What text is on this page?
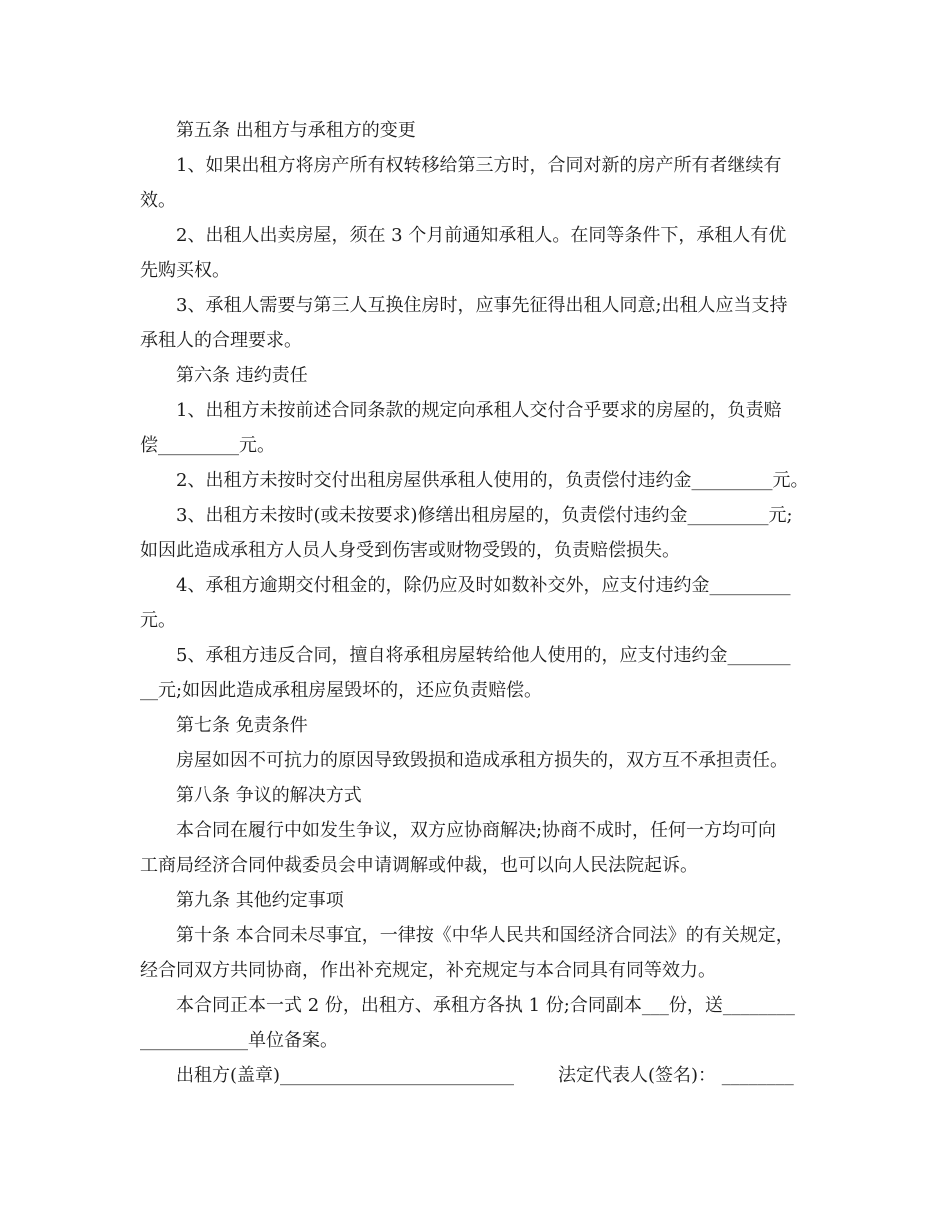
第五条 出租方与承租方的变更
1、如果出租方将房产所有权转移给第三方时，合同对新的房产所有者继续有
效。
2、出租人出卖房屋，须在 3 个月前通知承租人。在同等条件下，承租人有优
先购买权。
3、承租人需要与第三人互换住房时，应事先征得出租人同意;出租人应当支持
承租人的合理要求。
第六条 违约责任
1、出租方未按前述合同条款的规定向承租人交付合乎要求的房屋的，负责赔
偿_________元。
2、出租方未按时交付出租房屋供承租人使用的，负责偿付违约金_________元。
3、出租方未按时(或未按要求)修缮出租房屋的，负责偿付违约金_________元;
如因此造成承租方人员人身受到伤害或财物受毁的，负责赔偿损失。
4、承租方逾期交付租金的，除仍应及时如数补交外，应支付违约金_________
元。
5、承租方违反合同，擅自将承租房屋转给他人使用的，应支付违约金_______
__元;如因此造成承租房屋毁坏的，还应负责赔偿。
第七条 免责条件
房屋如因不可抗力的原因导致毁损和造成承租方损失的，双方互不承担责任。
第八条 争议的解决方式
本合同在履行中如发生争议，双方应协商解决;协商不成时，任何一方均可向
工商局经济合同仲裁委员会申请调解或仲裁，也可以向人民法院起诉。
第九条 其他约定事项
第十条 本合同未尽事宜，一律按《中华人民共和国经济合同法》的有关规定，
经合同双方共同协商，作出补充规定，补充规定与本合同具有同等效力。
本合同正本一式 2 份，出租方、承租方各执 1 份;合同副本___份，送________
____________单位备案。
出租方(盖章)__________________________ 法定代表人(签名)： ________
